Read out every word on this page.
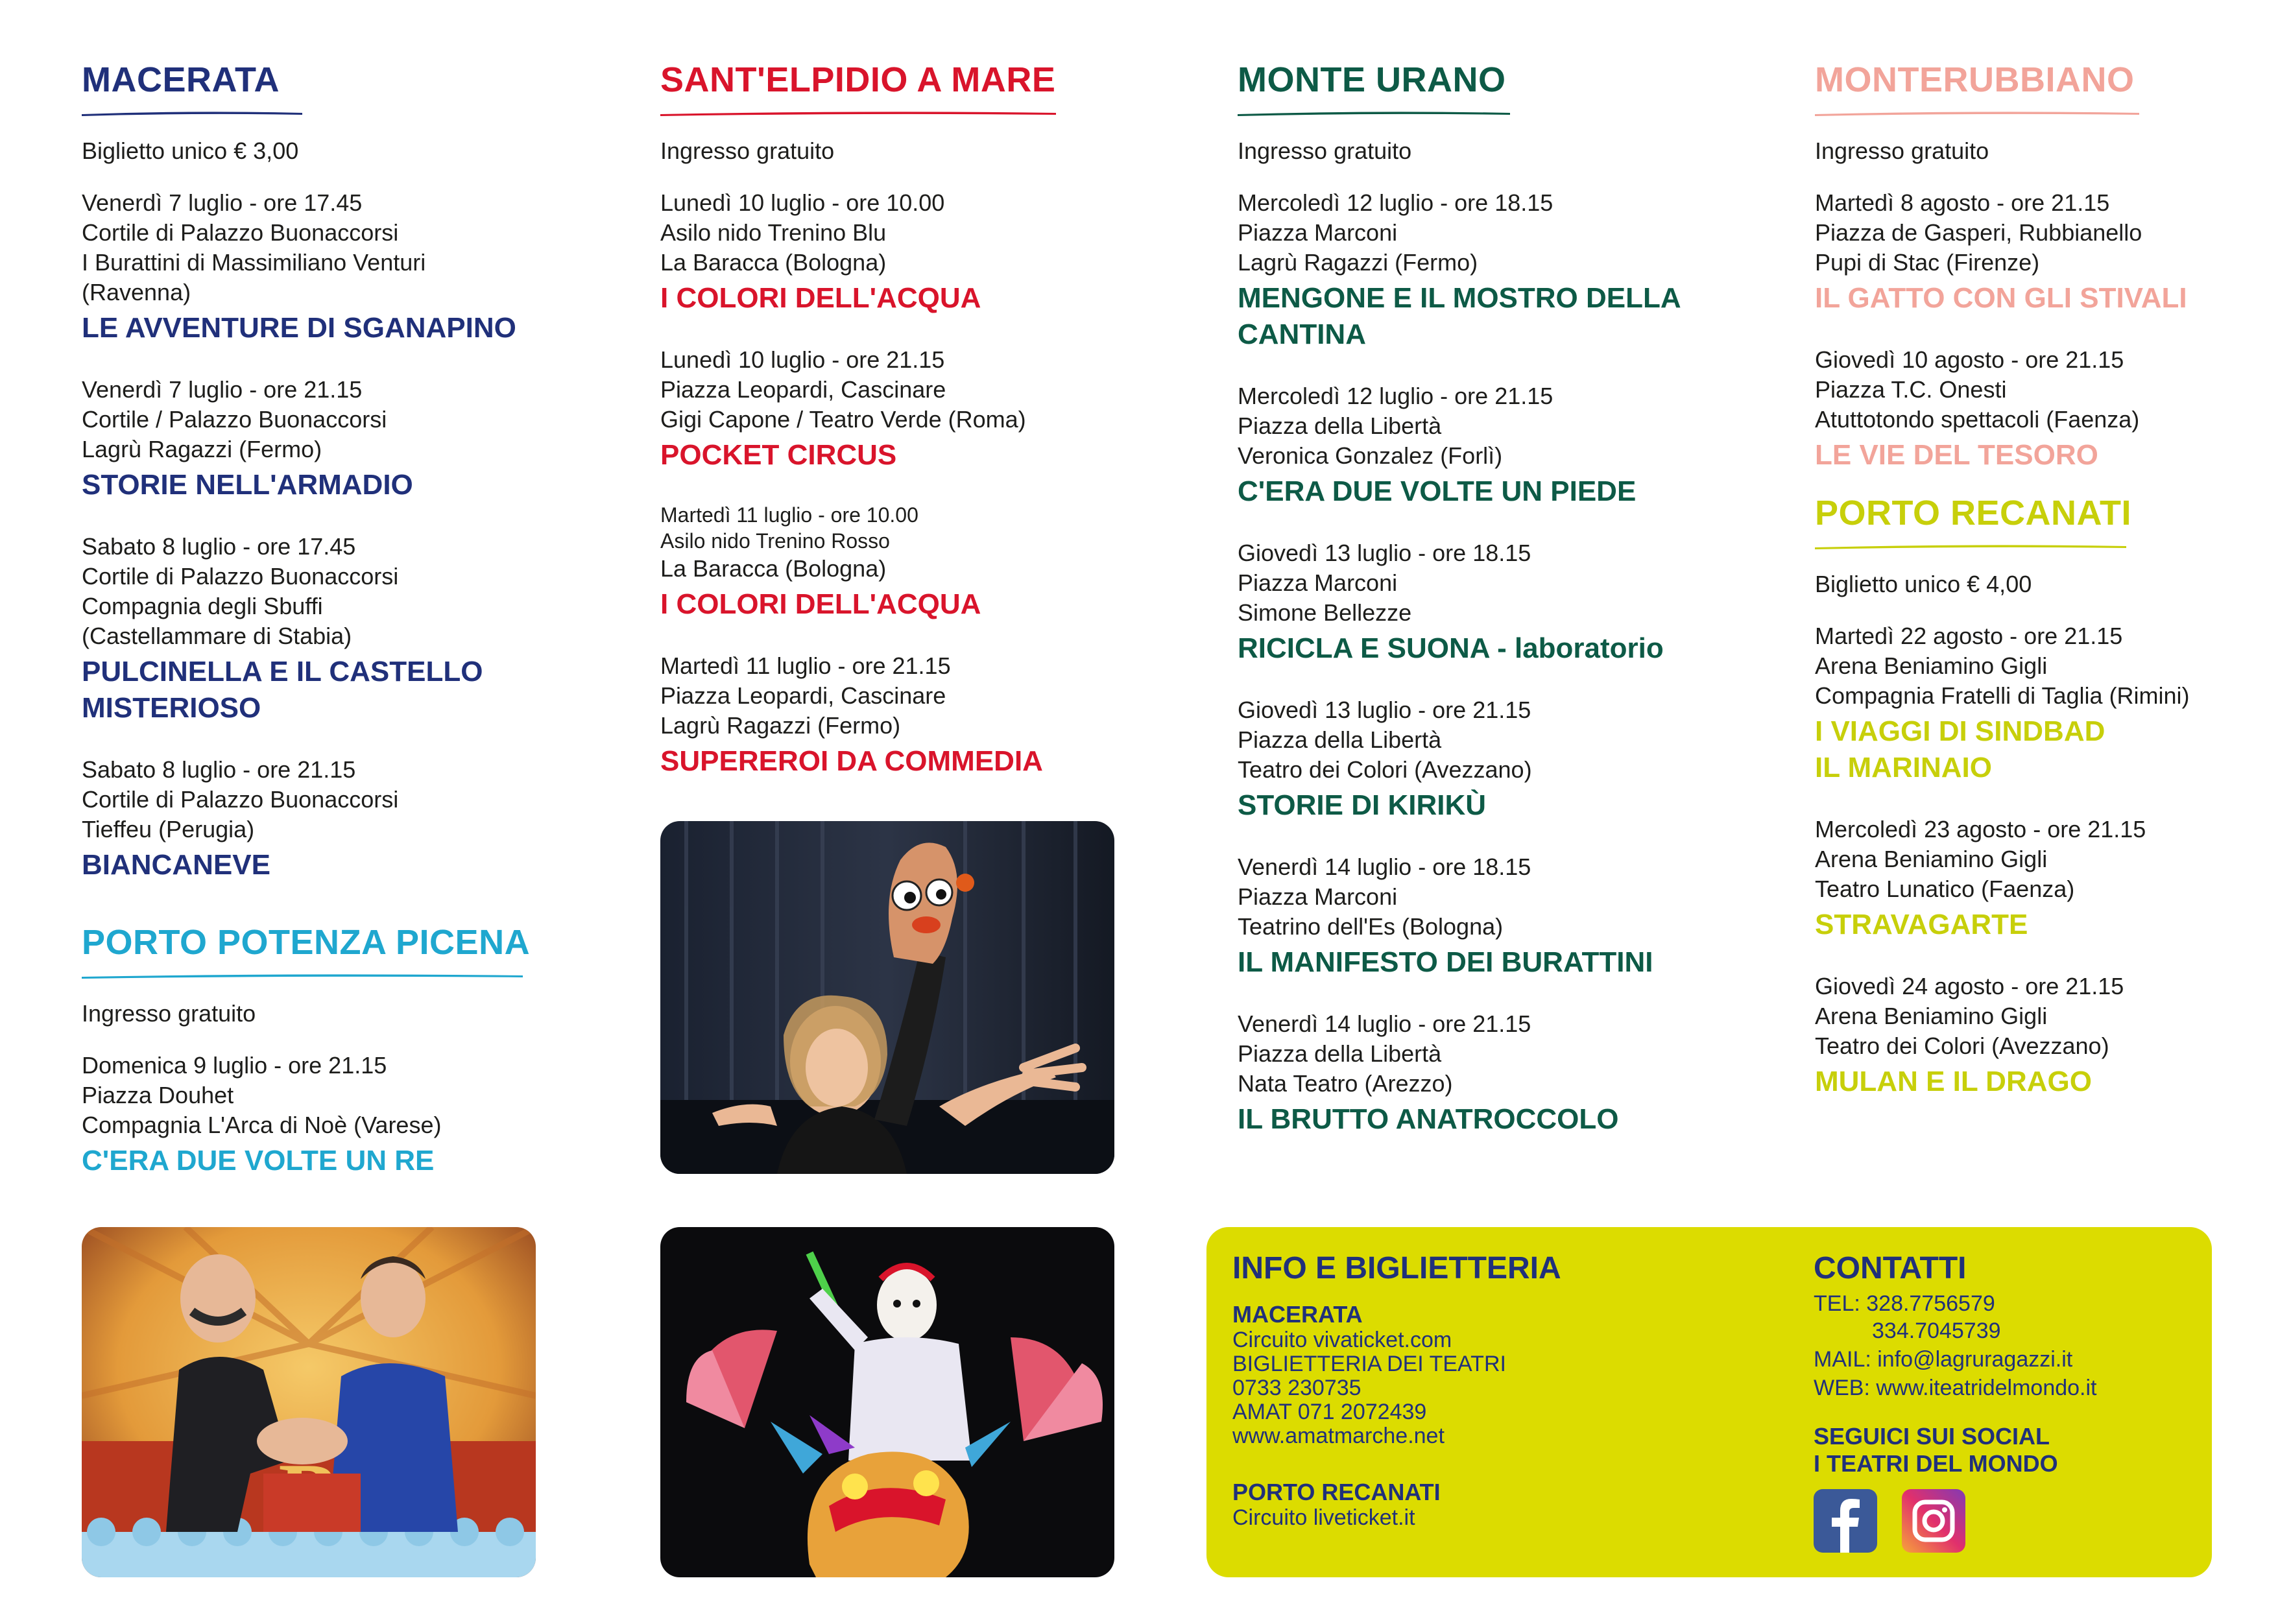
MACERATA
Biglietto unico € 3,00
Venerdì 7 luglio - ore 17.45
Cortile di Palazzo Buonaccorsi
I Burattini di Massimiliano Venturi
(Ravenna)
LE AVVENTURE DI SGANAPINO
Venerdì 7 luglio - ore 21.15
Cortile / Palazzo Buonaccorsi
Lagrù Ragazzi (Fermo)
STORIE NELL'ARMADIO
Sabato 8 luglio - ore 17.45
Cortile di Palazzo Buonaccorsi
Compagnia degli Sbuffi
(Castellammare di Stabia)
PULCINELLA E IL CASTELLO
MISTERIOSO
Sabato 8 luglio - ore 21.15
Cortile di Palazzo Buonaccorsi
Tieffeu (Perugia)
BIANCANEVE
PORTO POTENZA PICENA
Ingresso gratuito
Domenica 9 luglio - ore 21.15
Piazza Douhet
Compagnia L'Arca di Noè (Varese)
C'ERA DUE VOLTE UN RE
SANT'ELPIDIO A MARE
Ingresso gratuito
Lunedì 10 luglio - ore 10.00
Asilo nido Trenino Blu
La Baracca (Bologna)
I COLORI DELL'ACQUA
Lunedì 10 luglio - ore 21.15
Piazza Leopardi, Cascinare
Gigi Capone / Teatro Verde (Roma)
POCKET CIRCUS
Martedì 11 luglio - ore 10.00
Asilo nido Trenino Rosso
La Baracca (Bologna)
I COLORI DELL'ACQUA
Martedì 11 luglio - ore 21.15
Piazza Leopardi, Cascinare
Lagrù Ragazzi (Fermo)
SUPEREROI DA COMMEDIA
MONTE URANO
Ingresso gratuito
Mercoledì 12 luglio - ore 18.15
Piazza Marconi
Lagrù Ragazzi (Fermo)
MENGONE E IL MOSTRO DELLA
CANTINA
Mercoledì 12 luglio - ore 21.15
Piazza della Libertà
Veronica Gonzalez (Forlì)
C'ERA DUE VOLTE UN PIEDE
Giovedì 13 luglio - ore 18.15
Piazza Marconi
Simone Bellezze
RICICLA E SUONA - laboratorio
Giovedì 13 luglio - ore 21.15
Piazza della Libertà
Teatro dei Colori (Avezzano)
STORIE DI KIRIKÙ
Venerdì 14 luglio - ore 18.15
Piazza Marconi
Teatrino dell'Es (Bologna)
IL MANIFESTO DEI BURATTINI
Venerdì 14 luglio - ore 21.15
Piazza della Libertà
Nata Teatro (Arezzo)
IL BRUTTO ANATROCCOLO
MONTERUBBIANO
Ingresso gratuito
Martedì 8 agosto - ore 21.15
Piazza de Gasperi, Rubbianello
Pupi di Stac (Firenze)
IL GATTO CON GLI STIVALI
Giovedì 10 agosto - ore 21.15
Piazza T.C. Onesti
Atuttotondo spettacoli (Faenza)
LE VIE DEL TESORO
PORTO RECANATI
Biglietto unico € 4,00
Martedì 22 agosto - ore 21.15
Arena Beniamino Gigli
Compagnia Fratelli di Taglia (Rimini)
I VIAGGI DI SINDBAD
IL MARINAIO
Mercoledì 23 agosto - ore 21.15
Arena Beniamino Gigli
Teatro Lunatico (Faenza)
STRAVAGARTE
Giovedì 24 agosto - ore 21.15
Arena Beniamino Gigli
Teatro dei Colori (Avezzano)
MULAN E IL DRAGO
INFO E BIGLIETTERIA
MACERATA
Circuito vivaticket.com
BIGLIETTERIA DEI TEATRI
0733 230735
AMAT 071 2072439
www.amatmarche.net
PORTO RECANATI
Circuito liveticket.it
CONTATTI
TEL: 328.7756579
334.7045739
MAIL: info@lagruragazzi.it
WEB: www.iteatridelmondo.it
SEGUICI SUI SOCIAL
I TEATRI DEL MONDO
